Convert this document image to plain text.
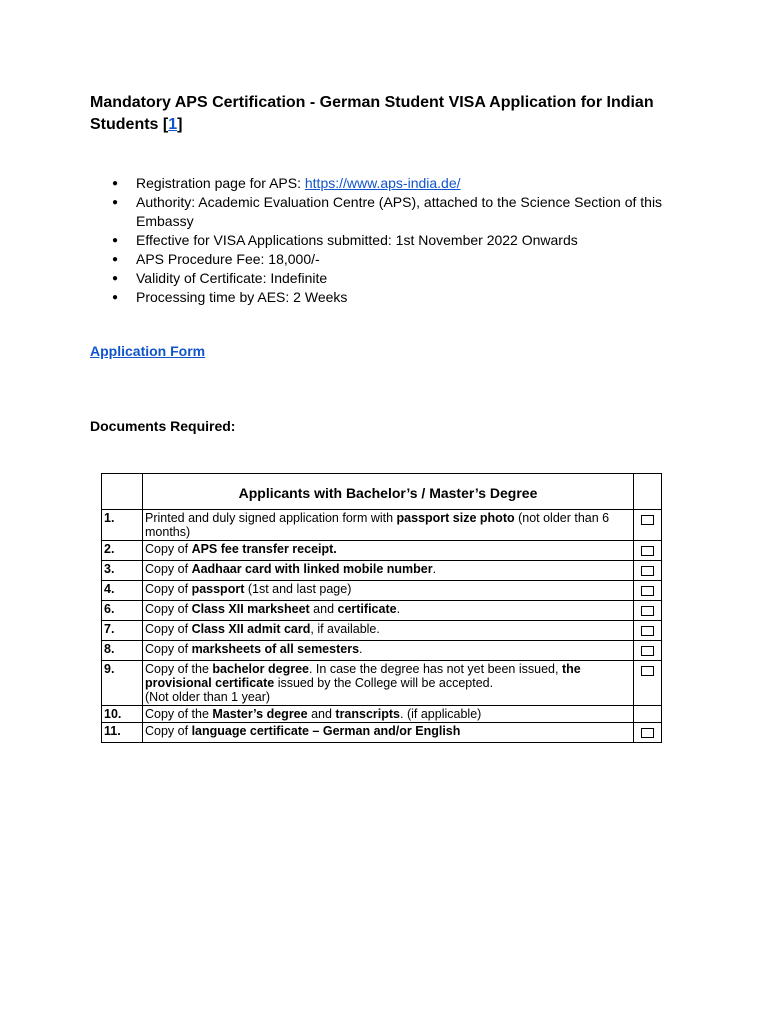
Mandatory APS Certification - German Student VISA Application for Indian Students [1]
● Registration page for APS: https://www.aps-india.de/
● Authority: Academic Evaluation Centre (APS), attached to the Science Section of this Embassy
● Effective for VISA Applications submitted: 1st November 2022 Onwards
● APS Procedure Fee: 18,000/-
● Validity of Certificate: Indefinite
● Processing time by AES: 2 Weeks
Application Form
Documents Required:
	Applicants with Bachelor’s / Master’s Degree	
1.	Printed and duly signed application form with passport size photo (not older than 6 months)	
2.	Copy of APS fee transfer receipt.	
3.	Copy of Aadhaar card with linked mobile number.	
4.	Copy of passport (1st and last page)	
6.	Copy of Class XII marksheet and certificate.	
7.	Copy of Class XII admit card, if available.	
8.	Copy of marksheets of all semesters.	
9.	Copy of the bachelor degree. In case the degree has not yet been issued, the provisional certificate issued by the College will be accepted.
(Not older than 1 year)	
10.	Copy of the Master’s degree and transcripts. (if applicable)	
11.	Copy of language certificate – German and/or English	
